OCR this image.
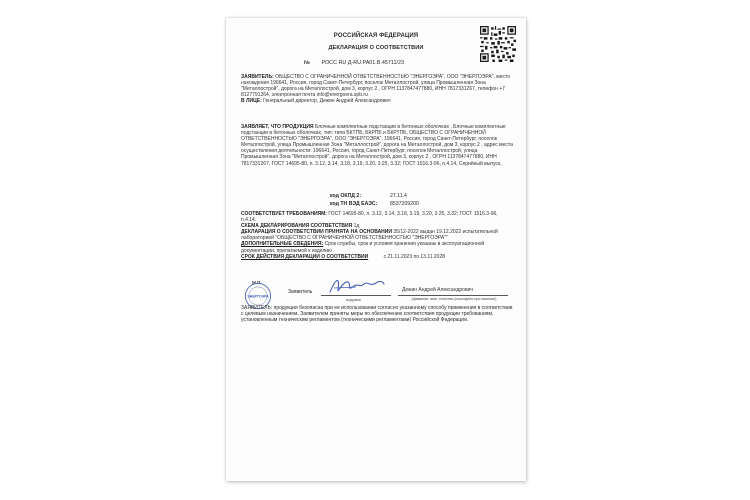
РОССИЙСКАЯ ФЕДЕРАЦИЯ
ДЕКЛАРАЦИЯ О СООТВЕТСТВИИ
№ РОСС RU Д-RU.РА01.В.45711/23
ЗАЯВИТЕЛЬ: ОБЩЕСТВО С ОГРАНИЧЕННОЙ ОТВЕТСТВЕННОСТЬЮ "ЭНЕРГОЭРА", ООО "ЭНЕРГОЭРА", место нахождения 196641, Россия, город Санкт-Петербург, поселок Металлострой, улица Промышленная Зона "Металлострой", дорога на Металлострой, дом 3, корпус 2 , ОГРН 1137847477880, ИНН 7817331267, телефон +7 8127791264, электронная почта info@energoera.spb.ru
В ЛИЦЕ: Генеральный директор, Дежин Андрей Александрович
ЗАЯВЛЯЕТ, ЧТО ПРОДУКЦИЯ Блочные комплектные подстанции в бетонных оболочках , Блочные комплектные подстанции в бетонных оболочках, тип: типа БКТПБ, БКРПБ и БКРТПБ, ОБЩЕСТВО С ОГРАНИЧЕННОЙ ОТВЕТСТВЕННОСТЬЮ "ЭНЕРГОЭРА", ООО "ЭНЕРГОЭРА", 196641, Россия, город Санкт-Петербург, поселок Металлострой, улица Промышленная Зона "Металлострой", дорога на Металлострой, дом 3, корпус 2 , адрес места осуществления деятельности: 196641, Россия, город Санкт-Петербург, поселок Металлострой, улица Промышленная Зона "Металлострой", дорога на Металлострой, дом 3, корпус 2 , ОГРН 1137847477880, ИНН 7817331267, ГОСТ 14695-80, п. 3.12, 3.14, 3.18, 3.19, 3.20, 3.25, 3.32; ГОСТ 1516.3-96, п.4.14, Серийный выпуск,
код ОКПД 2:	27.11.4
код ТН ВЭД ЕАЭС: 8537209200
СООТВЕТСТВУЕТ ТРЕБОВАНИЯМ: ГОСТ 14695-80, п. 3.12, 3.14, 3.18, 3.19, 3.20, 3.25, 3.32; ГОСТ 1516.3-96, п.4.14.
СХЕМА ДЕКЛАРИРОВАНИЯ СООТВЕТСТВИЯ 1д
ДЕКЛАРАЦИЯ О СООТВЕТСТВИИ ПРИНЯТА НА ОСНОВАНИИ 35/12-2022 выдан 19.12.2022 испытательной лабораторией "ОБЩЕСТВО С ОГРАНИЧЕННОЙ ОТВЕТСТВЕННОСТЬЮ "ЭНЕРГОЭРА""
ДОПОЛНИТЕЛЬНЫЕ СВЕДЕНИЯ: Срок службы, срок и условия хранения указаны в эксплуатационной документации, прилагаемой к изделию
СРОК ДЕЙСТВИЯ ДЕКЛАРАЦИИ О СООТВЕТСТВИИ	с 21.11.2023 по 13.11.2028
М.П.
ЭНЕРГОЭРА
Заявитель
подпись
Дежин Андрей Александрович
(фамилия, имя, отчество (последнее при наличии)
ЗАЯВИТЕЛЬ: продукция безопасна при ее использовании согласно указанному способу применения в соответствии с целевым назначением. Заявителем приняты меры по обеспечению соответствия продукции требованиям, установленным техническим регламентом (техническими регламентами) Российской Федерации.
